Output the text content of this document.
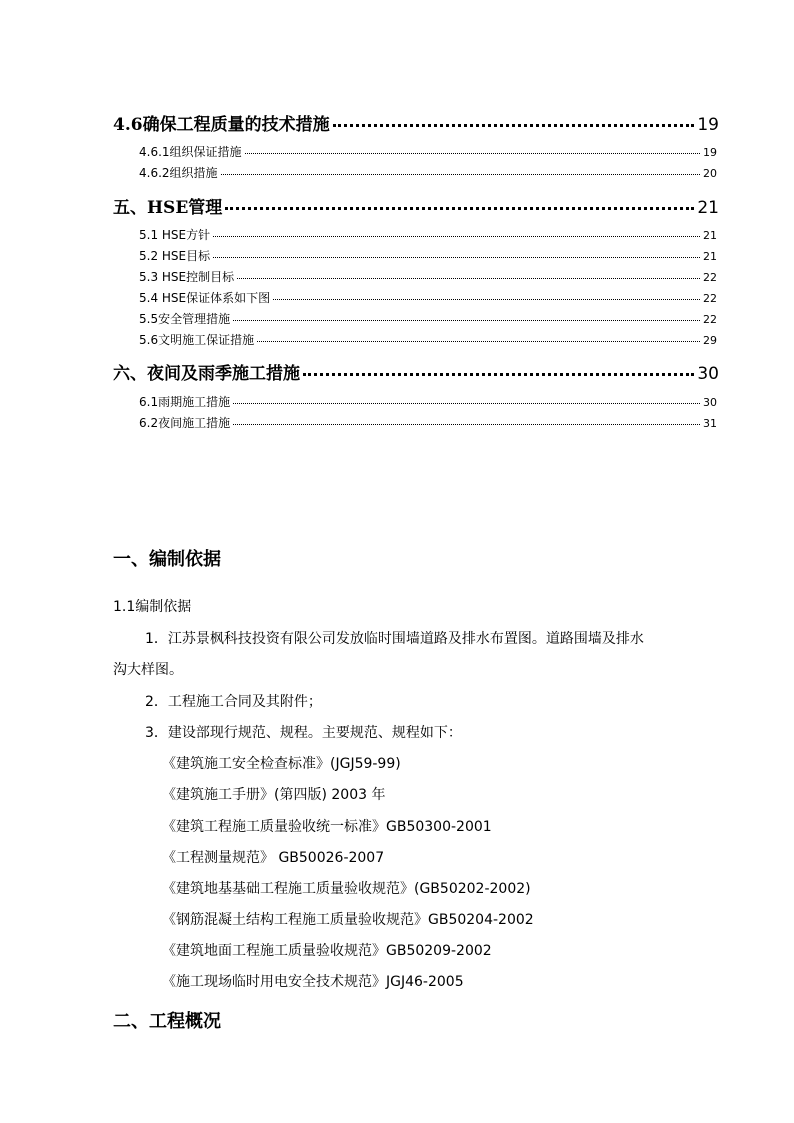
4.6确保工程质量的技术措施	19
4.6.1组织保证措施	19
4.6.2组织措施	20
五、HSE管理	21
5.1 HSE方针	21
5.2 HSE目标	21
5.3 HSE控制目标	22
5.4 HSE保证体系如下图	22
5.5安全管理措施	22
5.6文明施工保证措施	29
六、夜间及雨季施工措施	30
6.1雨期施工措施	30
6.2夜间施工措施	31
一、编制依据
1.1编制依据
1．江苏景枫科技投资有限公司发放临时围墙道路及排水布置图。道路围墙及排水
沟大样图。
2．工程施工合同及其附件；
3．建设部现行规范、规程。主要规范、规程如下：
《建筑施工安全检查标准》(JGJ59-99)
《建筑施工手册》(第四版) 2003 年
《建筑工程施工质量验收统一标准》GB50300-2001
《工程测量规范》 GB50026-2007
《建筑地基基础工程施工质量验收规范》(GB50202-2002)
《钢筋混凝土结构工程施工质量验收规范》GB50204-2002
《建筑地面工程施工质量验收规范》GB50209-2002
《施工现场临时用电安全技术规范》JGJ46-2005
二、工程概况
